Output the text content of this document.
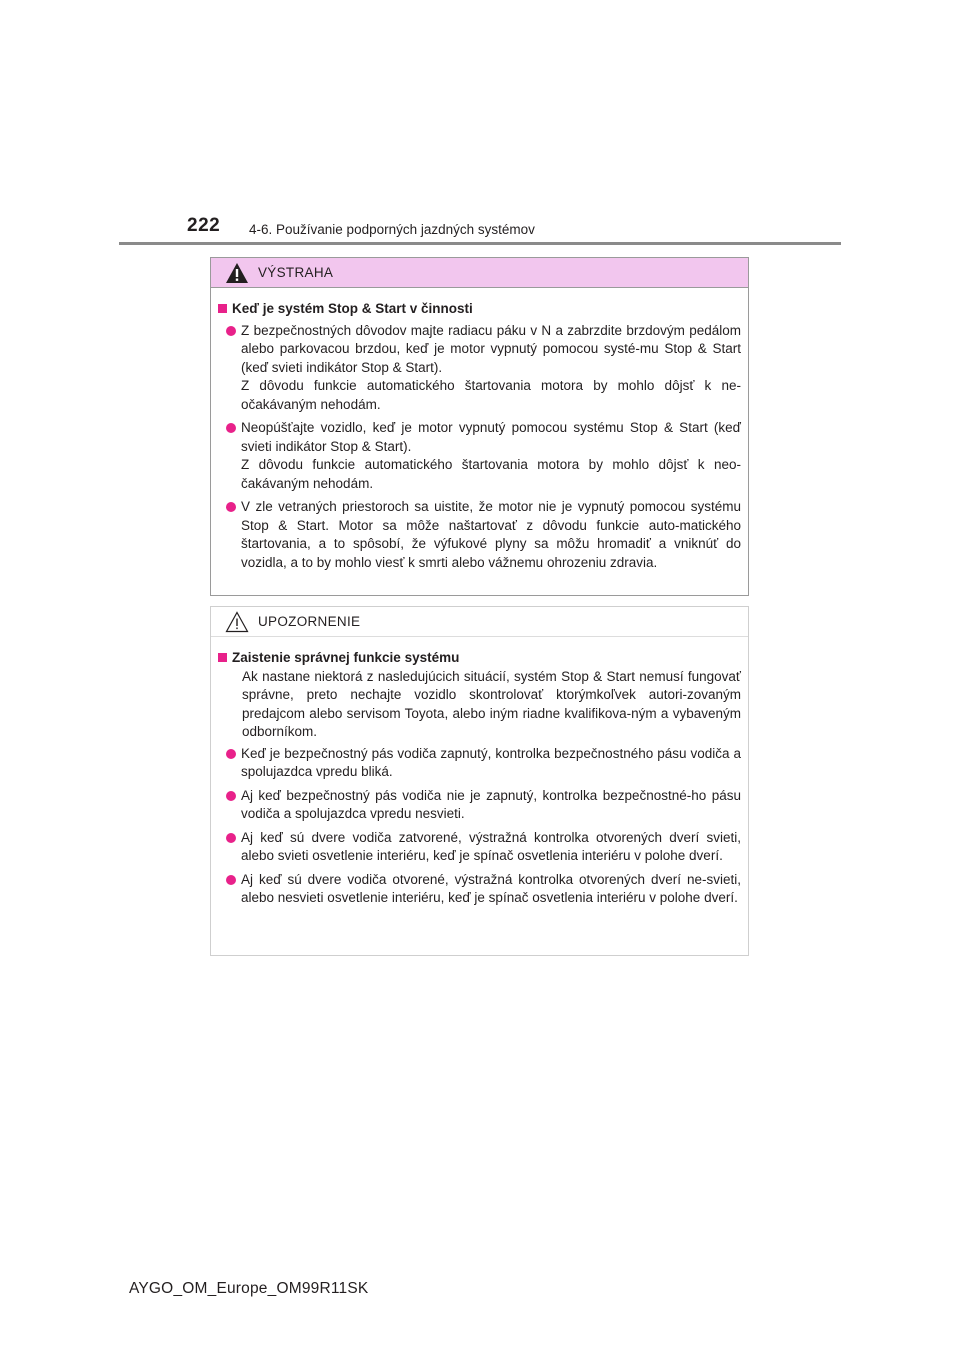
222 4-6. Používanie podporných jazdných systémov
VÝSTRAHA
Keď je systém Stop & Start v činnosti
Z bezpečnostných dôvodov majte radiacu páku v N a zabrzdite brzdovým pedálom alebo parkovacou brzdou, keď je motor vypnutý pomocou systé-mu Stop & Start (keď svieti indikátor Stop & Start).
Z dôvodu funkcie automatického štartovania motora by mohlo dôjsť k ne-očakávaným nehodám.
Neopúšťajte vozidlo, keď je motor vypnutý pomocou systému Stop & Start (keď svieti indikátor Stop & Start).
Z dôvodu funkcie automatického štartovania motora by mohlo dôjsť k neo-čakávaným nehodám.
V zle vetraných priestoroch sa uistite, že motor nie je vypnutý pomocou systému Stop & Start. Motor sa môže naštartovať z dôvodu funkcie auto-matického štartovania, a to spôsobí, že výfukové plyny sa môžu hromadiť a vniknúť do vozidla, a to by mohlo viesť k smrti alebo vážnemu ohrozeniu zdravia.
UPOZORNENIE
Zaistenie správnej funkcie systému
Ak nastane niektorá z nasledujúcich situácií, systém Stop & Start nemusí fungovať správne, preto nechajte vozidlo skontrolovať ktorýmkoľvek autori-zovaným predajcom alebo servisom Toyota, alebo iným riadne kvalifikova-ným a vybaveným odborníkom.
Keď je bezpečnostný pás vodiča zapnutý, kontrolka bezpečnostného pásu vodiča a spolujazdca vpredu bliká.
Aj keď bezpečnostný pás vodiča nie je zapnutý, kontrolka bezpečnostné-ho pásu vodiča a spolujazdca vpredu nesvieti.
Aj keď sú dvere vodiča zatvorené, výstražná kontrolka otvorených dverí svieti, alebo svieti osvetlenie interiéru, keď je spínač osvetlenia interiéru v polohe dverí.
Aj keď sú dvere vodiča otvorené, výstražná kontrolka otvorených dverí ne-svieti, alebo nesvieti osvetlenie interiéru, keď je spínač osvetlenia interiéru v polohe dverí.
AYGO_OM_Europe_OM99R11SK
